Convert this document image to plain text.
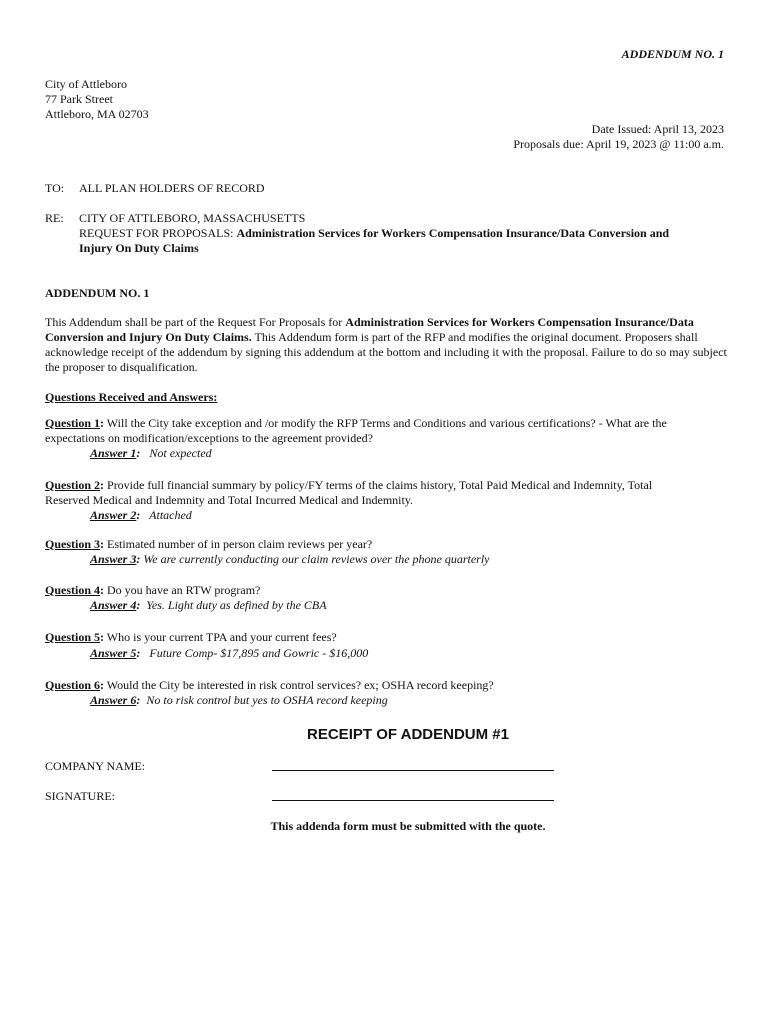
ADDENDUM NO. 1
City of Attleboro
77 Park Street
Attleboro, MA 02703
Date Issued: April 13, 2023
Proposals due: April 19, 2023 @ 11:00 a.m.
TO: ALL PLAN HOLDERS OF RECORD
RE: CITY OF ATTLEBORO, MASSACHUSETTS
REQUEST FOR PROPOSALS: Administration Services for Workers Compensation Insurance/Data Conversion and
Injury On Duty Claims
ADDENDUM NO. 1
This Addendum shall be part of the Request For Proposals for Administration Services for Workers Compensation Insurance/Data Conversion and Injury On Duty Claims. This Addendum form is part of the RFP and modifies the original document. Proposers shall acknowledge receipt of the addendum by signing this addendum at the bottom and including it with the proposal. Failure to do so may subject the proposer to disqualification.
Questions Received and Answers:
Question 1: Will the City take exception and /or modify the RFP Terms and Conditions and various certifications? - What are the
expectations on modification/exceptions to the agreement provided?
Answer 1: Not expected
Question 2: Provide full financial summary by policy/FY terms of the claims history, Total Paid Medical and Indemnity, Total
Reserved Medical and Indemnity and Total Incurred Medical and Indemnity.
Answer 2: Attached
Question 3: Estimated number of in person claim reviews per year?
Answer 3: We are currently conducting our claim reviews over the phone quarterly
Question 4: Do you have an RTW program?
Answer 4: Yes. Light duty as defined by the CBA
Question 5: Who is your current TPA and your current fees?
Answer 5: Future Comp- $17,895 and Gowric - $16,000
Question 6: Would the City be interested in risk control services? ex; OSHA record keeping?
Answer 6: No to risk control but yes to OSHA record keeping
RECEIPT OF ADDENDUM #1
COMPANY NAME:
SIGNATURE:
This addenda form must be submitted with the quote.
